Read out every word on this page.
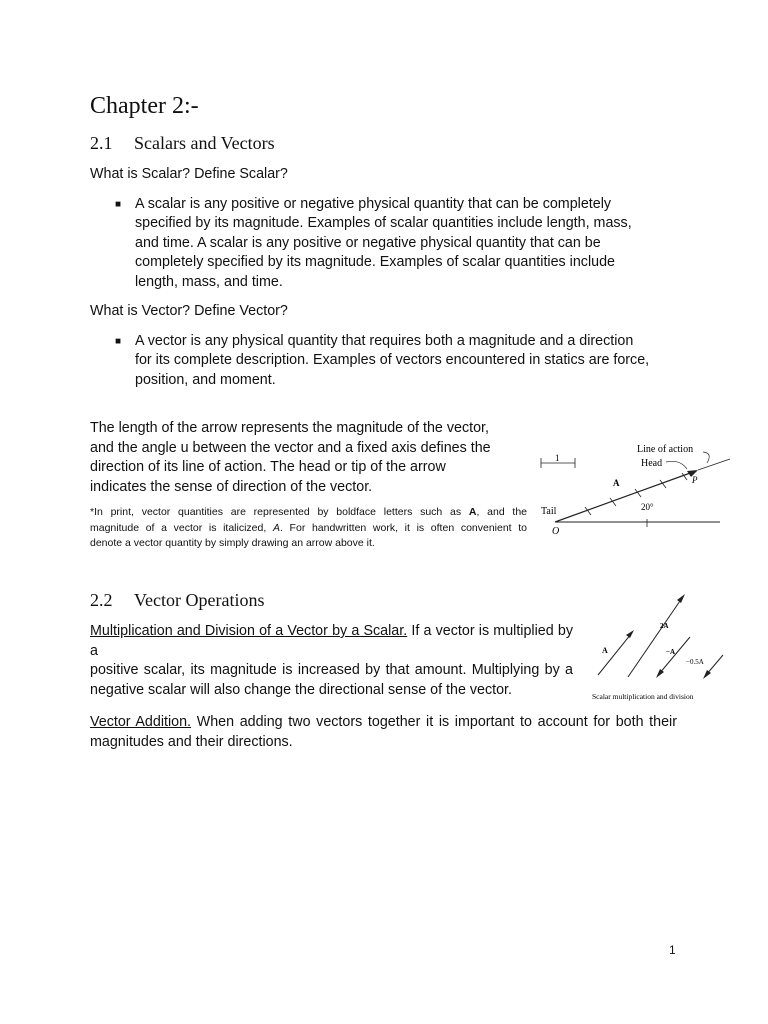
Chapter 2:-
2.1 Scalars and Vectors
What is Scalar? Define Scalar?
■ A scalar is any positive or negative physical quantity that can be completely
specified by its magnitude. Examples of scalar quantities include length, mass,
and time. A scalar is any positive or negative physical quantity that can be
completely specified by its magnitude. Examples of scalar quantities include
length, mass, and time.
What is Vector? Define Vector?
■ A vector is any physical quantity that requires both a magnitude and a direction
for its complete description. Examples of vectors encountered in statics are force,
position, and moment.
The length of the arrow represents the magnitude of the vector,
and the angle u between the vector and a fixed axis defines the
direction of its line of action. The head or tip of the arrow
indicates the sense of direction of the vector.
*In print, vector quantities are represented by boldface letters such as A, and the
magnitude of a vector is italicized, A. For handwritten work, it is often convenient to
denote a vector quantity by simply drawing an arrow above it.
1
20°
Line of action
Head
A	P
Tail
O
2.2 Vector Operations
Multiplication and Division of a Vector by a Scalar. If a vector is multiplied by a
positive scalar, its magnitude is increased by that amount. Multiplying by a
negative scalar will also change the directional sense of the vector.
A
2A
−A
−0.5A
Scalar multiplication and division
Vector Addition. When adding two vectors together it is important to account for both their
magnitudes and their directions.
1
